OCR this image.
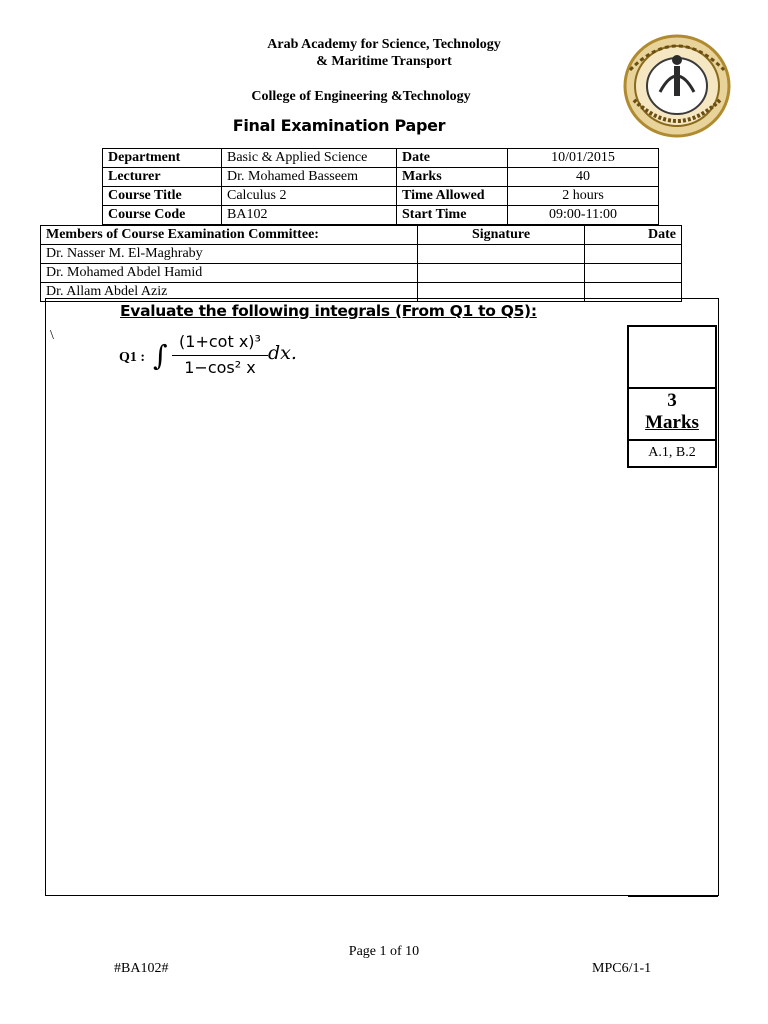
Arab Academy for Science, Technology
& Maritime Transport
College of Engineering &Technology
Final Examination Paper
Department	Basic & Applied Science	Date	10/01/2015
Lecturer	Dr. Mohamed Basseem	Marks	40
Course Title	Calculus 2	Time Allowed	2 hours
Course Code	BA102	Start Time	09:00-11:00
Members of Course Examination Committee:	Signature	Date
Dr. Nasser M. El-Maghraby		
Dr. Mohamed Abdel Hamid		
Dr. Allam Abdel Aziz		
Evaluate the following integrals (From Q1 to Q5):
\
Q1 : ∫ $\frac{\text{(1+cot x)³}}{\text{1−cos² x}}$ dx.
3
Marks
A.1, B.2
Page 1 of 10
#BA102#	MPC6/1-1
